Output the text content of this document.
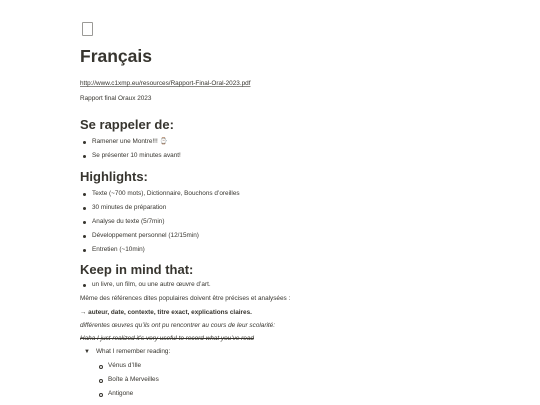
Français
http://www.c1xmp.eu/resources/Rapport-Final-Oral-2023.pdf

Rapport final Oraux 2023

Se rappeler de:
Ramener une Montre!!! ⌚
Se présenter 10 minutes avant!
Highlights:
Texte (~700 mots), Dictionnaire, Bouchons d’oreilles
30 minutes de préparation
Analyse du texte (5/7min)
Développement personnel (12/15min)
Entretien (~10min)
Keep in mind that:
un livre, un film, ou une autre œuvre d’art.

Même des références dites populaires doivent être précises et analysées :

→ auteur, date, contexte, titre exact, explications claires.

différentes œuvres qu’ils ont pu rencontrer au cours de leur scolarité:

Haha I just realized it’s very useful to record what you’ve read

▼ What I remember reading:
Vénus d’Ille
Boîte à Merveilles
Antigone
